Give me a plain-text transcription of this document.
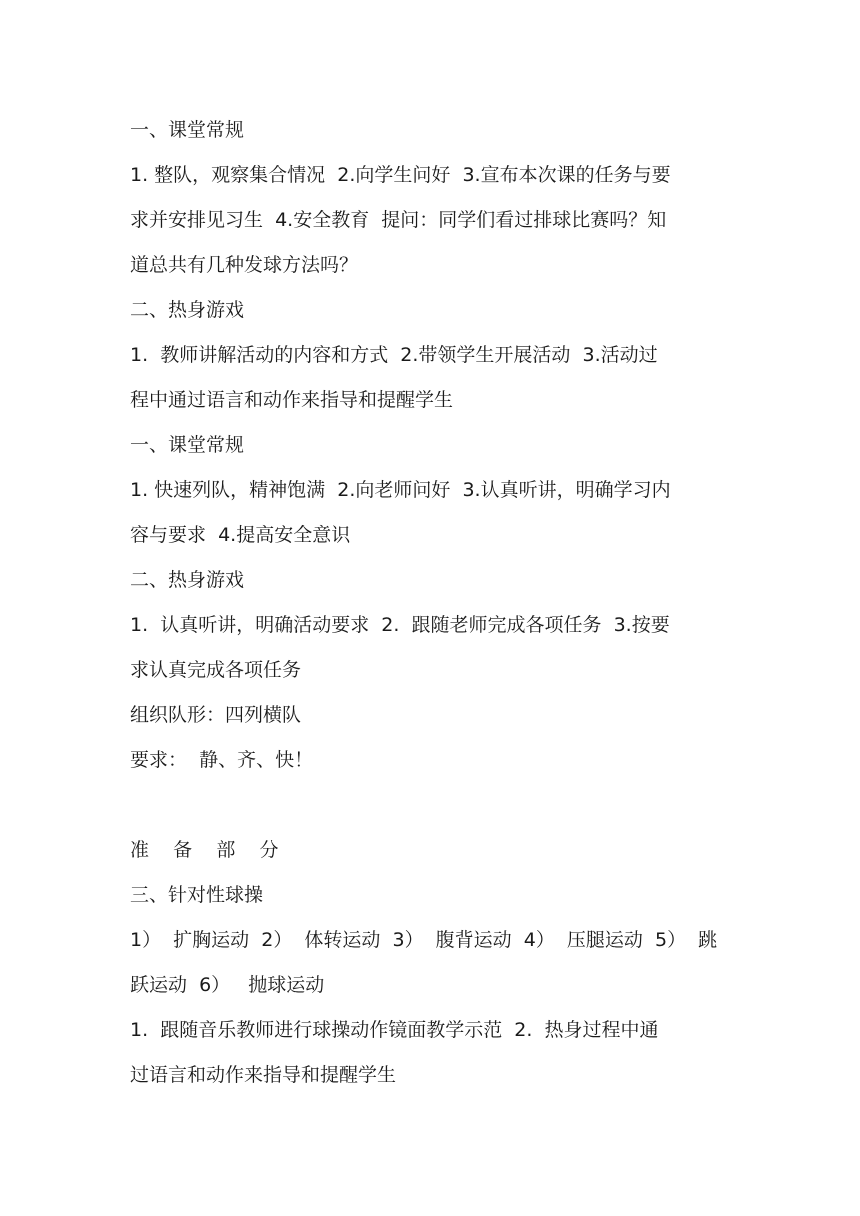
一、课堂常规

1. 整队，观察集合情况  2.向学生问好  3.宣布本次课的任务与要

求并安排见习生  4.安全教育  提问：同学们看过排球比赛吗？知

道总共有几种发球方法吗？

二、热身游戏

1.  教师讲解活动的内容和方式  2.带领学生开展活动  3.活动过

程中通过语言和动作来指导和提醒学生

一、课堂常规

1. 快速列队，精神饱满  2.向老师问好  3.认真听讲，明确学习内

容与要求  4.提高安全意识

二、热身游戏

1.  认真听讲，明确活动要求  2.  跟随老师完成各项任务  3.按要

求认真完成各项任务

组织队形：四列横队

要求：  静、齐、快！

准    备    部    分

三、针对性球操

1）  扩胸运动  2）  体转运动  3）  腹背运动  4）  压腿运动  5）  跳

跃运动  6）   抛球运动

1.  跟随音乐教师进行球操动作镜面教学示范  2.  热身过程中通

过语言和动作来指导和提醒学生
